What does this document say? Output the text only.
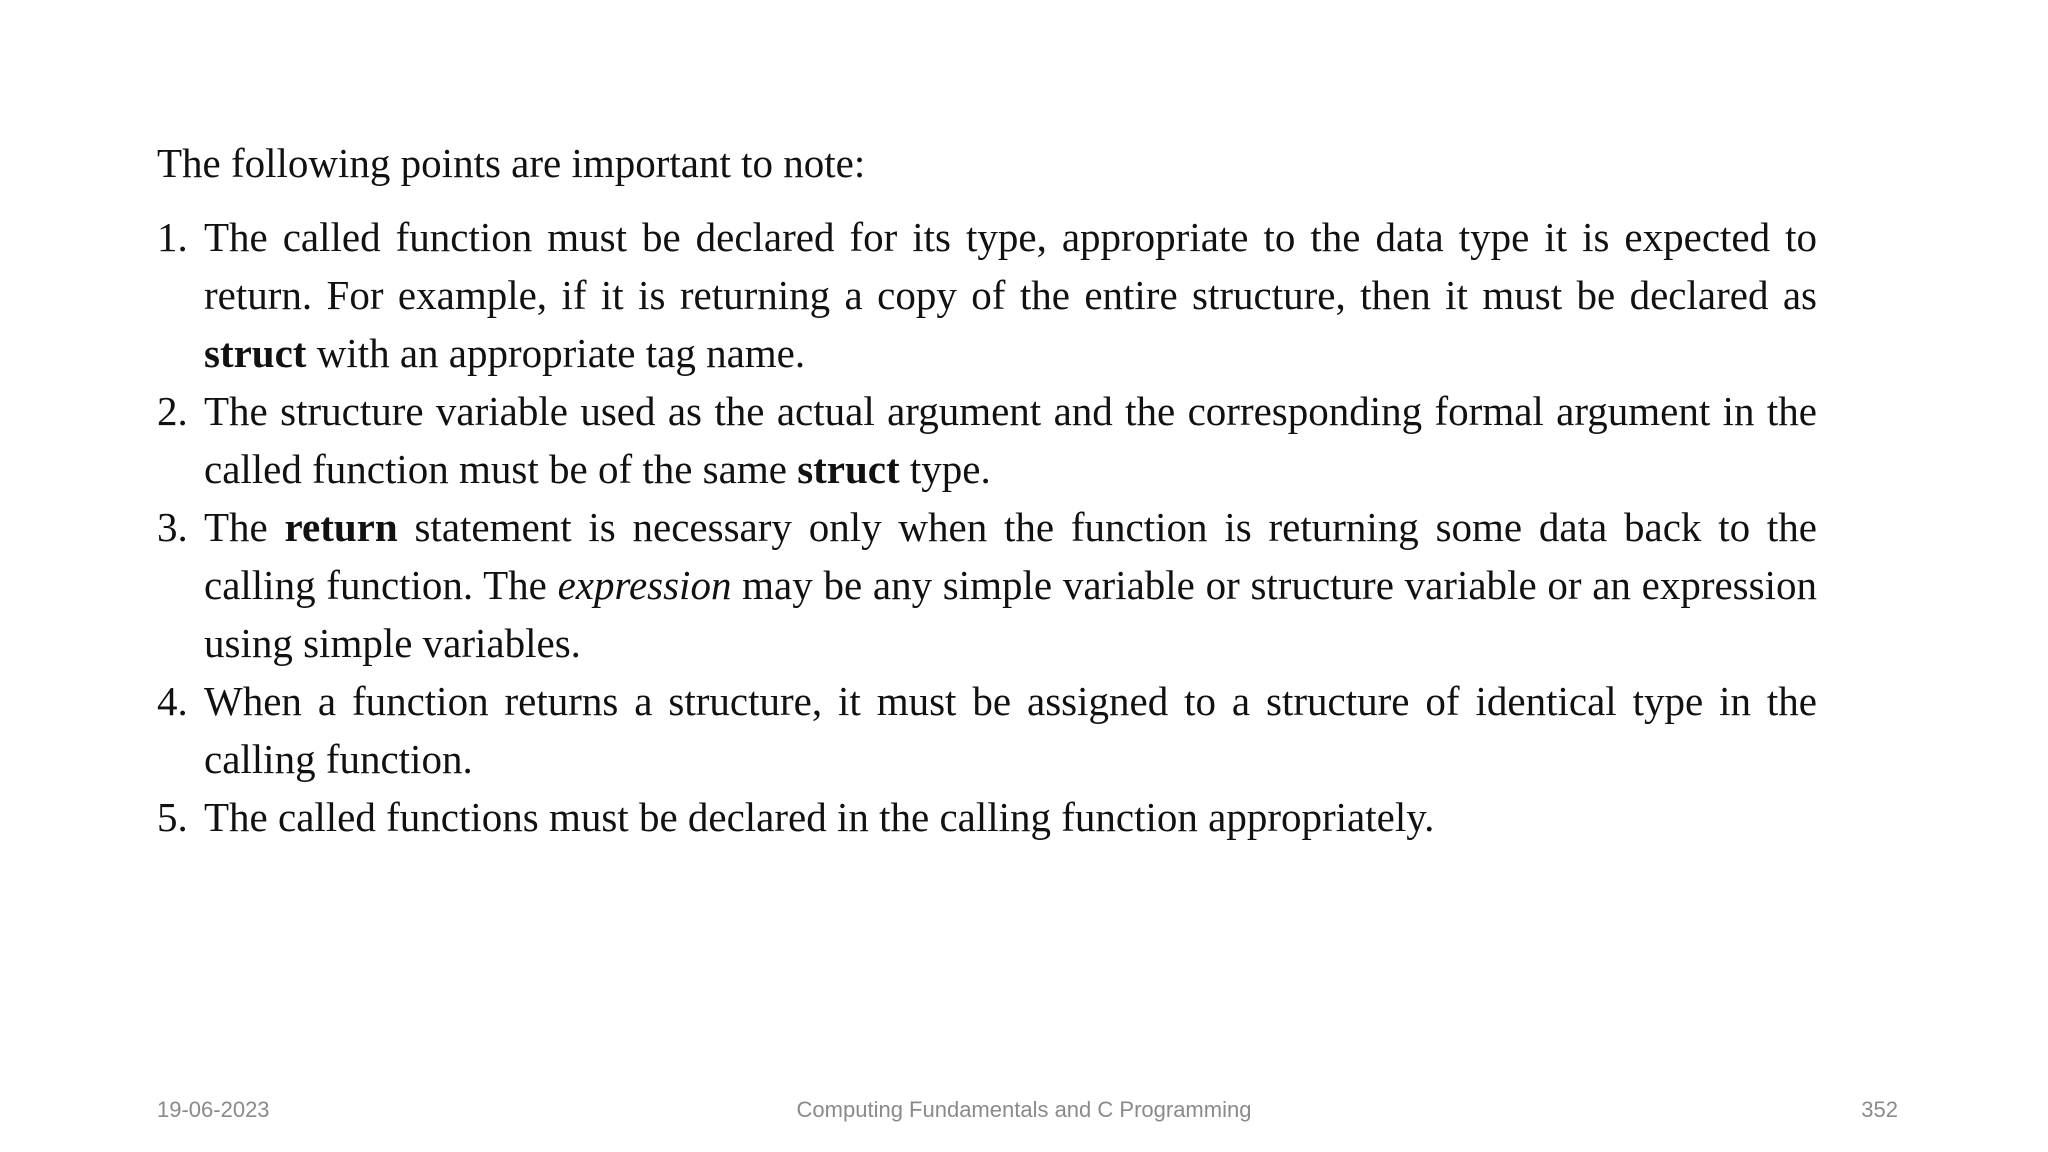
The following points are important to note:

1. The called function must be declared for its type, appropriate to the data type it is expected to return. For example, if it is returning a copy of the entire structure, then it must be declared as struct with an appropriate tag name.
2. The structure variable used as the actual argument and the corresponding formal argument in the called function must be of the same struct type.
3. The return statement is necessary only when the function is returning some data back to the calling function. The expression may be any simple variable or structure variable or an expression using simple variables.
4. When a function returns a structure, it must be assigned to a structure of identical type in the calling function.
5. The called functions must be declared in the calling function appropriately.
19-06-2023	Computing Fundamentals and C Programming	352
